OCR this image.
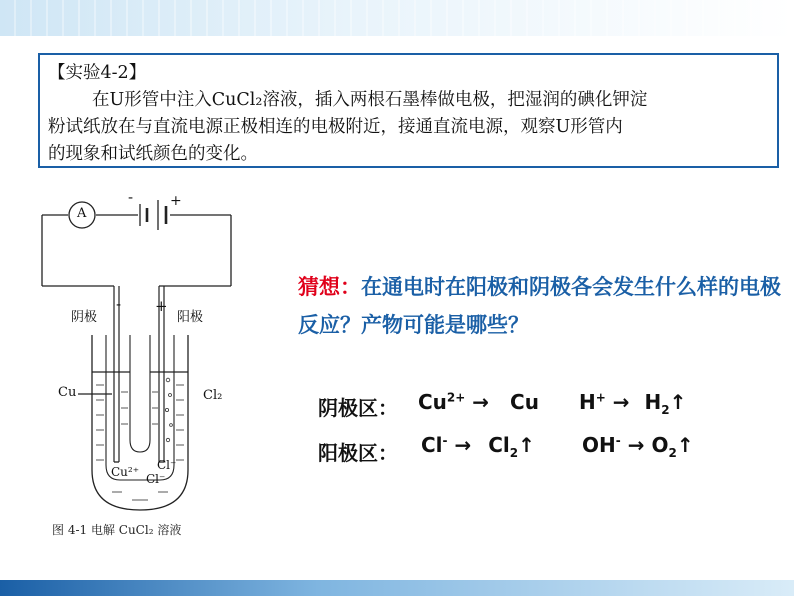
【实验4-2】
在U形管中注入CuCl₂溶液，插入两根石墨棒做电极，把湿润的碘化钾淀
粉试纸放在与直流电源正极相连的电极附近，接通直流电源，观察U形管内
的现象和试纸颜色的变化。
A
-	+
- +
阴极	阳极
Cu	Cl₂
Cu²⁺ Cl⁻
Cl⁻
图 4-1 电解 CuCl₂ 溶液
猜想：在通电时在阳极和阴极各会发生什么样的电极反应？产物可能是哪些？
阴极区： $Cu^{2+} \to Cu$ $H^+ \to H_2↑$
阳极区： $Cl^- \to Cl_2↑$ $OH^- \to O_2↑$
